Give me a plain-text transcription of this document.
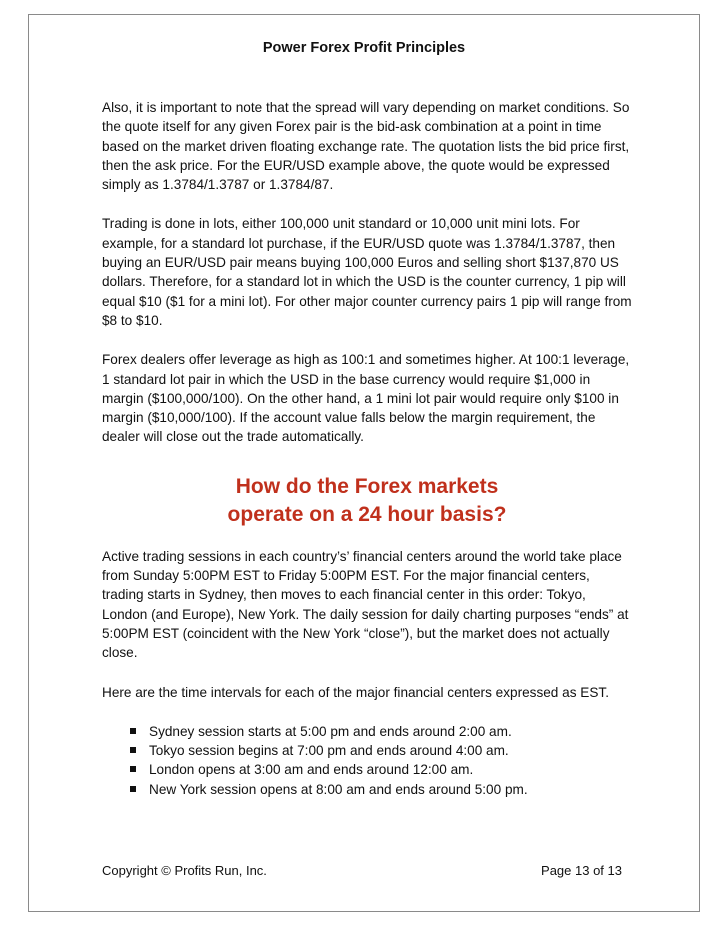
Power Forex Profit Principles

Also, it is important to note that the spread will vary depending on market conditions. So the quote itself for any given Forex pair is the bid-ask combination at a point in time based on the market driven floating exchange rate. The quotation lists the bid price first, then the ask price. For the EUR/USD example above, the quote would be expressed simply as 1.3784/1.3787 or 1.3784/87.

Trading is done in lots, either 100,000 unit standard or 10,000 unit mini lots. For example, for a standard lot purchase, if the EUR/USD quote was 1.3784/1.3787, then buying an EUR/USD pair means buying 100,000 Euros and selling short $137,870 US dollars. Therefore, for a standard lot in which the USD is the counter currency, 1 pip will equal $10 ($1 for a mini lot). For other major counter currency pairs 1 pip will range from $8 to $10.

Forex dealers offer leverage as high as 100:1 and sometimes higher. At 100:1 leverage, 1 standard lot pair in which the USD in the base currency would require $1,000 in margin ($100,000/100). On the other hand, a 1 mini lot pair would require only $100 in margin ($10,000/100). If the account value falls below the margin requirement, the dealer will close out the trade automatically.

How do the Forex markets
operate on a 24 hour basis?

Active trading sessions in each country’s’ financial centers around the world take place from Sunday 5:00PM EST to Friday 5:00PM EST. For the major financial centers, trading starts in Sydney, then moves to each financial center in this order: Tokyo, London (and Europe), New York. The daily session for daily charting purposes “ends” at 5:00PM EST (coincident with the New York “close”), but the market does not actually close.

Here are the time intervals for each of the major financial centers expressed as EST.

Sydney session starts at 5:00 pm and ends around 2:00 am.
Tokyo session begins at 7:00 pm and ends around 4:00 am.
London opens at 3:00 am and ends around 12:00 am.
New York session opens at 8:00 am and ends around 5:00 pm.
Copyright © Profits Run, Inc.	Page 13 of 13
